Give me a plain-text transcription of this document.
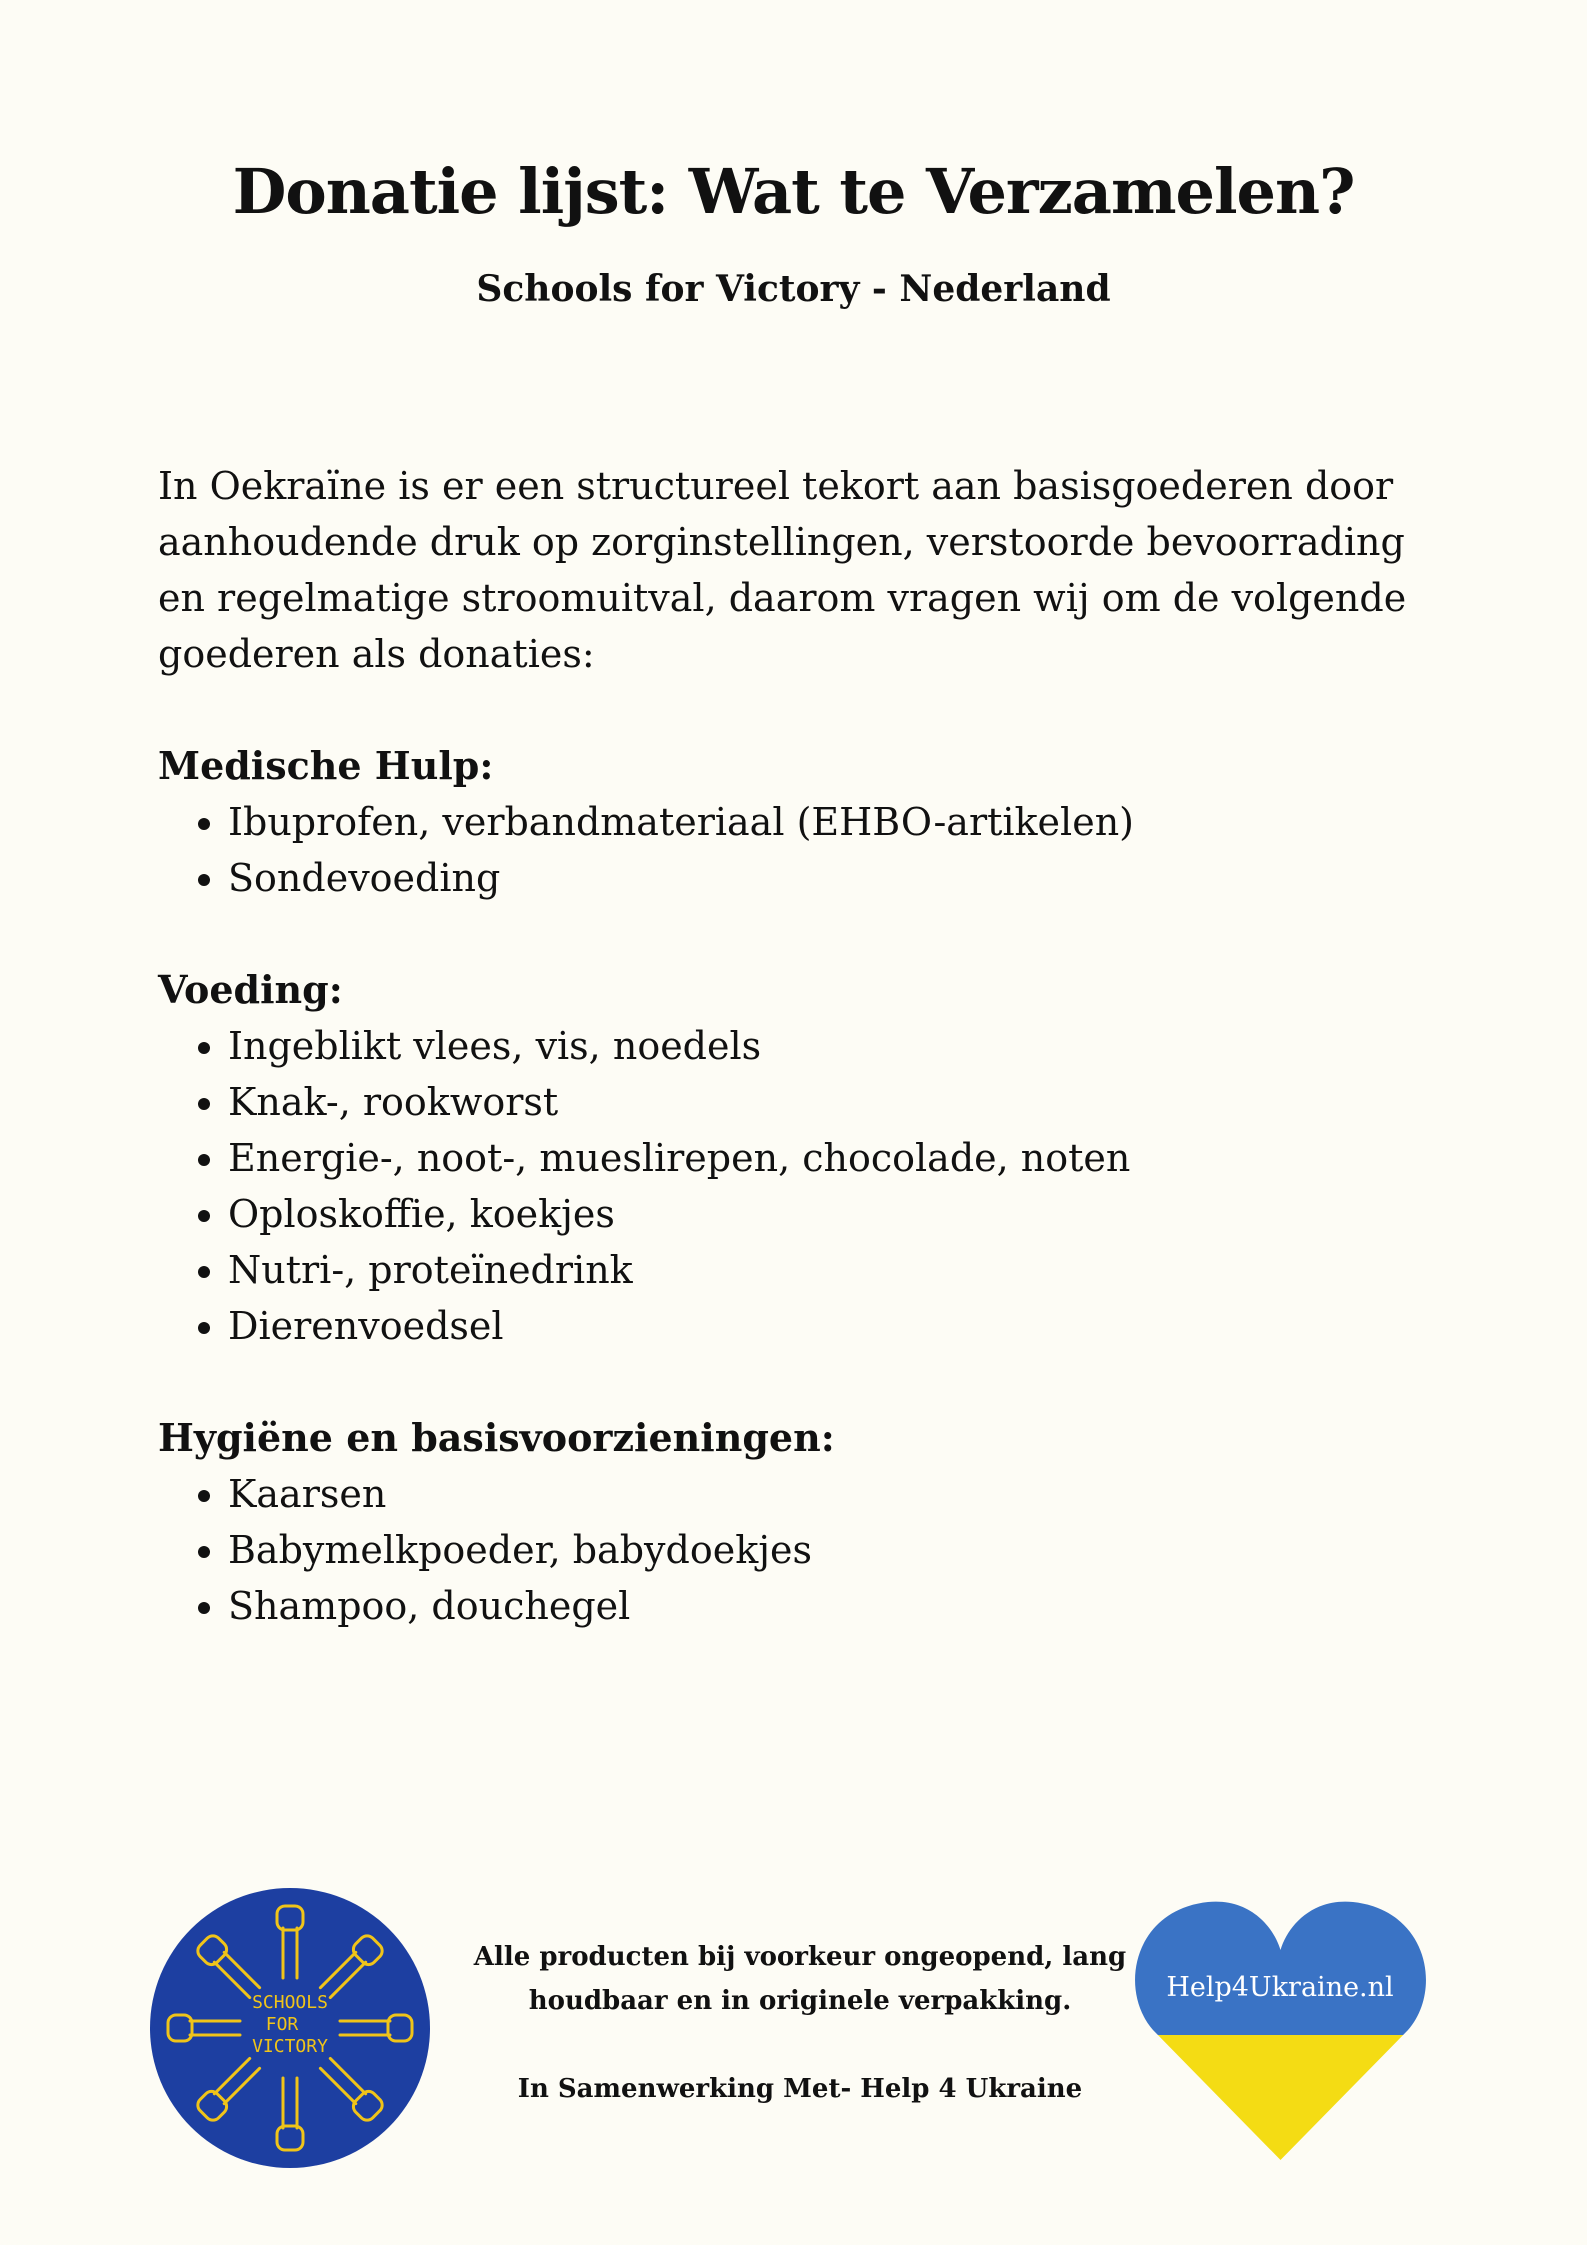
Donatie lijst: Wat te Verzamelen?
Schools for Victory - Nederland

In Oekraïne is er een structureel tekort aan basisgoederen door aanhoudende druk op zorginstellingen, verstoorde bevoorrading en regelmatige stroomuitval, daarom vragen wij om de volgende goederen als donaties:

Medische Hulp:

• Ibuprofen, verbandmateriaal (EHBO-artikelen)
• Sondevoeding

Voeding:

• Ingeblikt vlees, vis, noedels
• Knak-, rookworst
• Energie-, noot-, mueslirepen, chocolade, noten
• Oploskoffie, koekjes
• Nutri-, proteïnedrink
• Dierenvoedsel

Hygiëne en basisvoorzieningen:

• Kaarsen
• Babymelkpoeder, babydoekjes
• Shampoo, douchegel
SCHOOLS
FOR
VICTORY

Alle producten bij voorkeur ongeopend, lang houdbaar en in originele verpakking.

In Samenwerking Met- Help 4 Ukraine

Help4Ukraine.nl
